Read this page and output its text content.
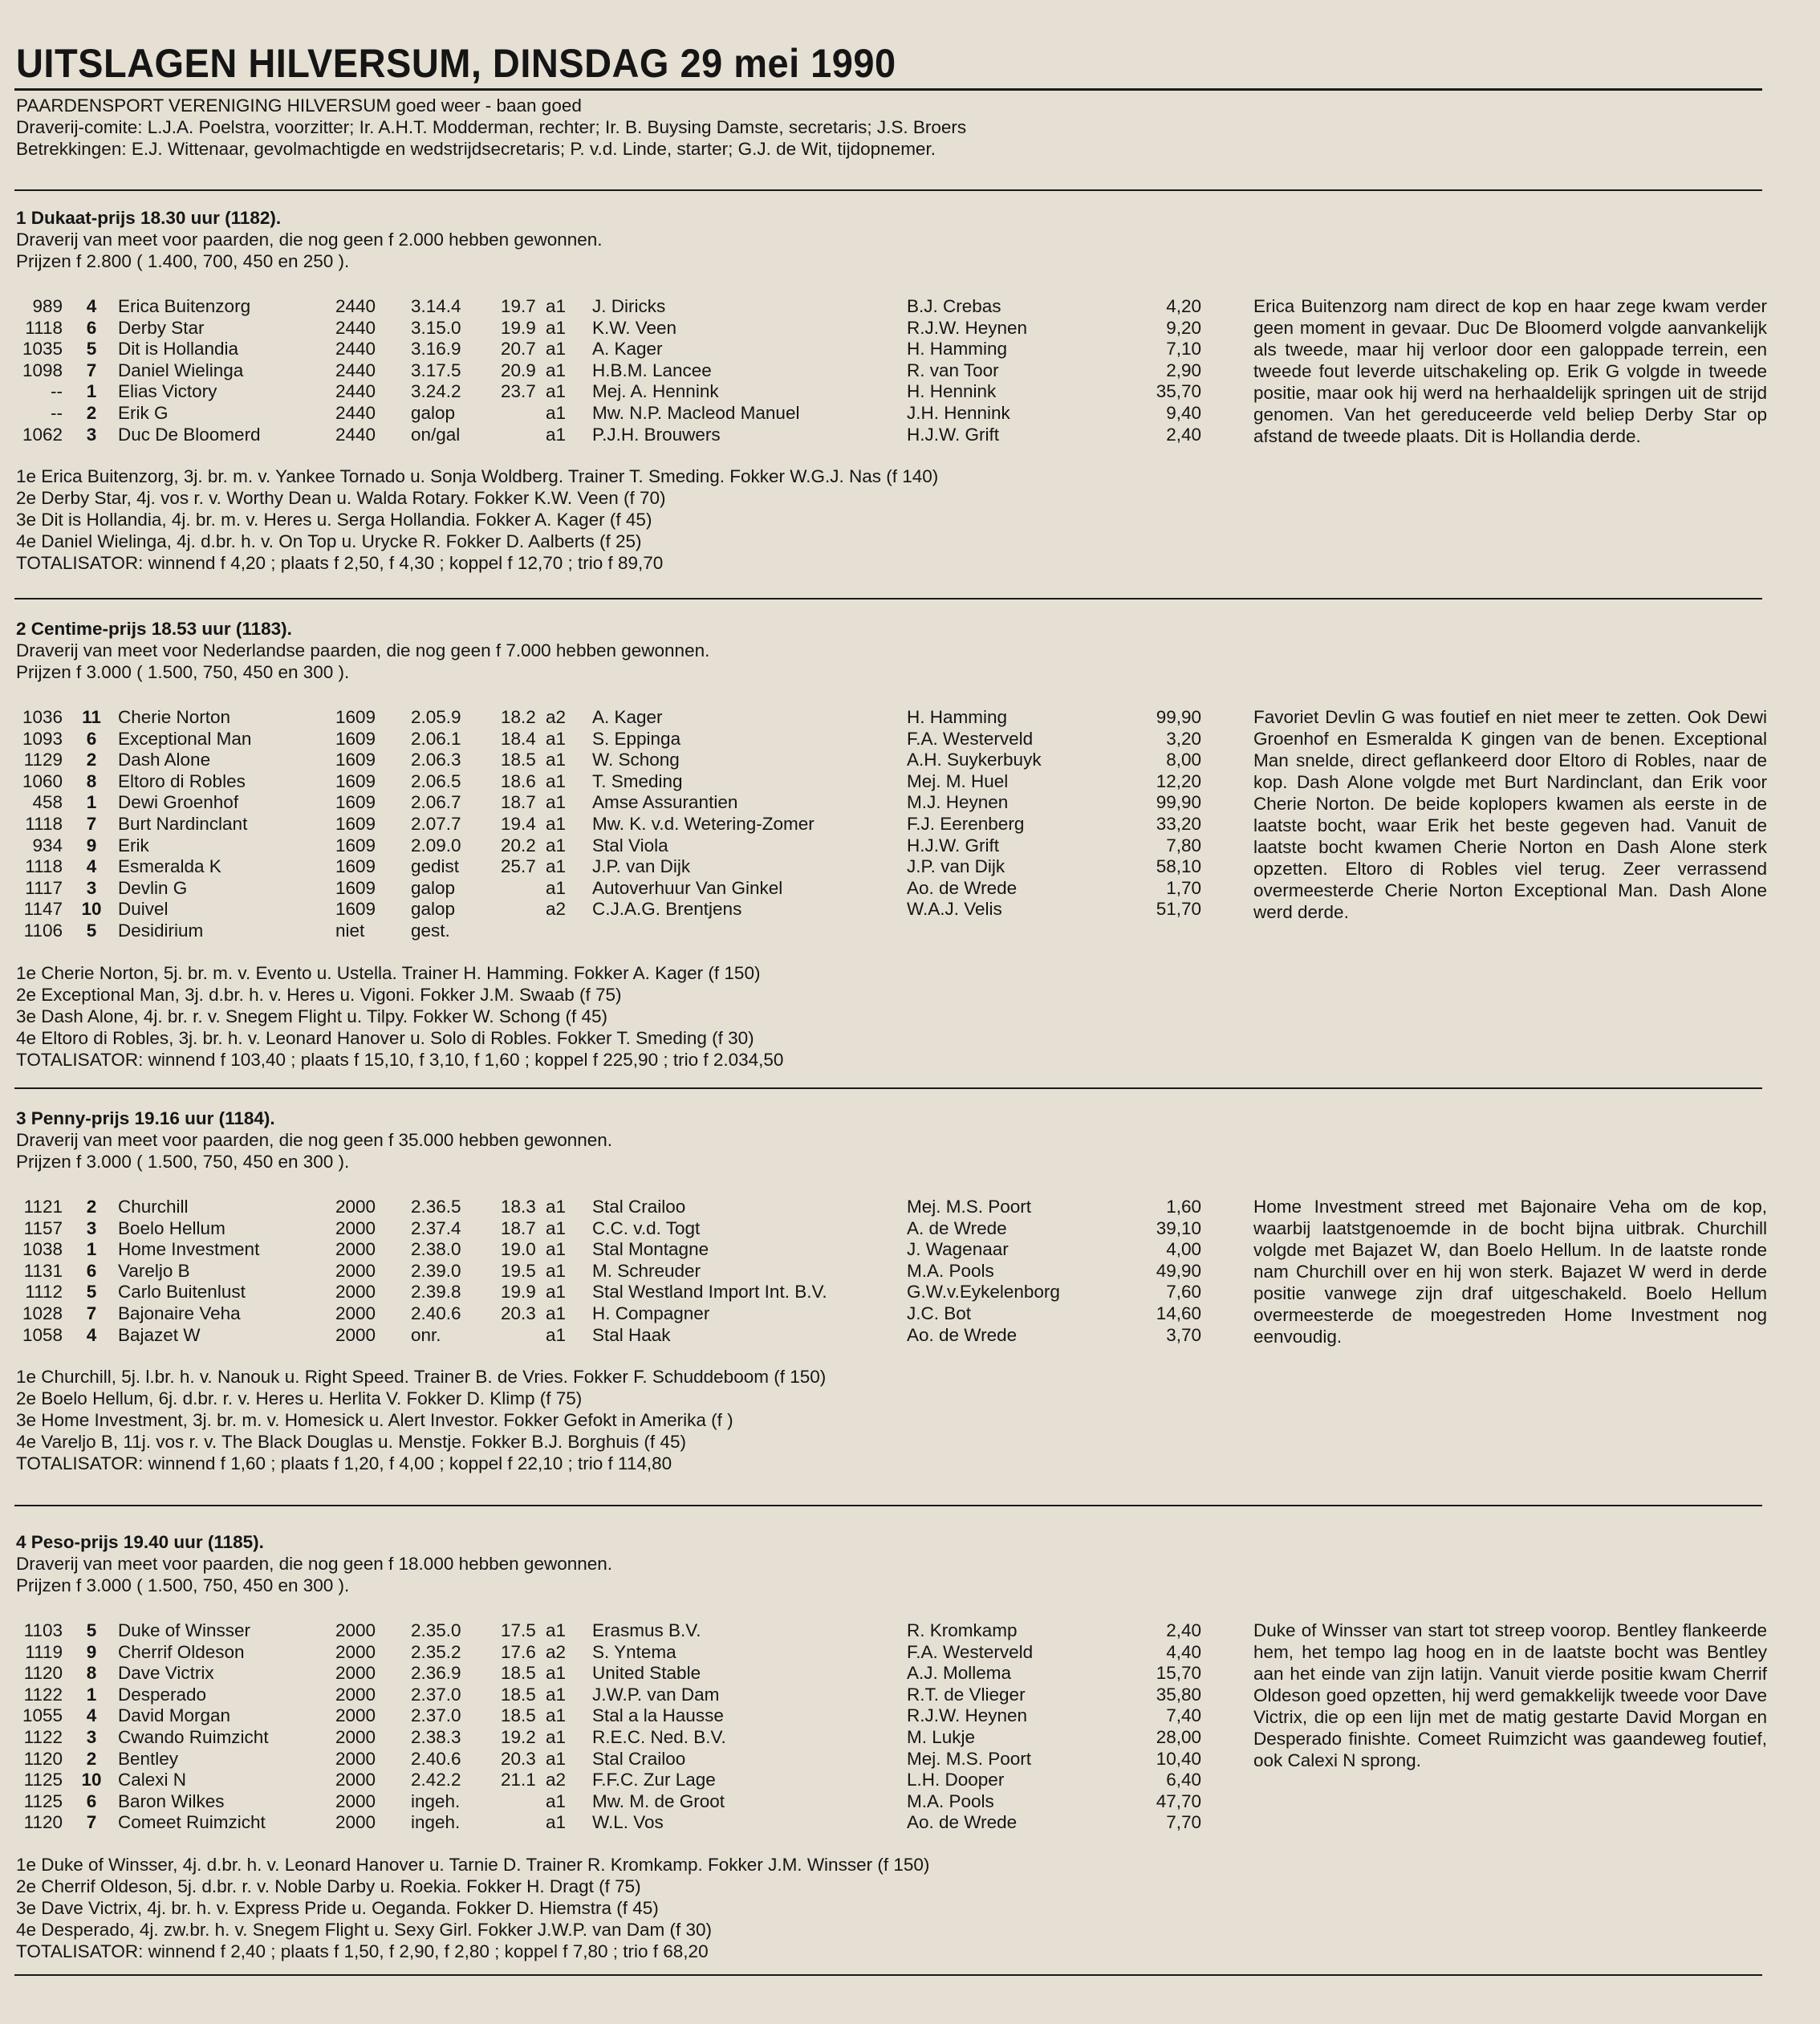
UITSLAGEN HILVERSUM, DINSDAG 29 mei 1990
PAARDENSPORT VERENIGING HILVERSUM goed weer - baan goed
Draverij-comite: L.J.A. Poelstra, voorzitter; Ir. A.H.T. Modderman, rechter; Ir. B. Buysing Damste, secretaris; J.S. Broers
Betrekkingen: E.J. Wittenaar, gevolmachtigde en wedstrijdsecretaris; P. v.d. Linde, starter; G.J. de Wit, tijdopnemer.
1 Dukaat-prijs 18.30 uur (1182).
Draverij van meet voor paarden, die nog geen f 2.000 hebben gewonnen.
Prijzen f 2.800 ( 1.400, 700, 450 en 250 ).
989	4	Erica Buitenzorg	2440 3.14.4 19.7 a1 J. Diricks	B.J. Crebas	4,20
1118	6	Derby Star	2440 3.15.0 19.9 a1 K.W. Veen	R.J.W. Heynen	9,20
1035	5	Dit is Hollandia	2440 3.16.9 20.7 a1 A. Kager	H. Hamming	7,10
1098	7	Daniel Wielinga	2440 3.17.5 20.9 a1 H.B.M. Lancee	R. van Toor	2,90
--	1	Elias Victory	2440 3.24.2 23.7 a1 Mej. A. Hennink	H. Hennink	35,70
--	2	Erik G	2440 galop	a1 Mw. N.P. Macleod Manuel	J.H. Hennink	9,40
1062	3	Duc De Bloomerd	2440 on/gal	a1 P.J.H. Brouwers	H.J.W. Grift	2,40
Erica Buitenzorg nam direct de kop en haar zege kwam verder geen moment in gevaar. Duc De Bloomerd volgde aanvankelijk als tweede, maar hij verloor door een galoppade terrein, een tweede fout leverde uitschakeling op. Erik G volgde in tweede positie, maar ook hij werd na herhaaldelijk springen uit de strijd genomen. Van het gereduceerde veld beliep Derby Star op afstand de tweede plaats. Dit is Hollandia derde.
1e Erica Buitenzorg, 3j. br. m. v. Yankee Tornado u. Sonja Woldberg. Trainer T. Smeding. Fokker W.G.J. Nas (f 140)
2e Derby Star, 4j. vos r. v. Worthy Dean u. Walda Rotary. Fokker K.W. Veen (f 70)
3e Dit is Hollandia, 4j. br. m. v. Heres u. Serga Hollandia. Fokker A. Kager (f 45)
4e Daniel Wielinga, 4j. d.br. h. v. On Top u. Urycke R. Fokker D. Aalberts (f 25)
TOTALISATOR: winnend f 4,20 ; plaats f 2,50, f 4,30 ; koppel f 12,70 ; trio f 89,70
2 Centime-prijs 18.53 uur (1183).
Draverij van meet voor Nederlandse paarden, die nog geen f 7.000 hebben gewonnen.
Prijzen f 3.000 ( 1.500, 750, 450 en 300 ).
1036 11 Cherie Norton	1609 2.05.9 18.2 a2 A. Kager	H. Hamming	99,90
1093	6	Exceptional Man	1609 2.06.1 18.4 a1 S. Eppinga	F.A. Westerveld	3,20
1129	2	Dash Alone	1609 2.06.3 18.5 a1 W. Schong	A.H. Suykerbuyk	8,00
1060	8	Eltoro di Robles	1609 2.06.5 18.6 a1 T. Smeding	Mej. M. Huel	12,20
458	1	Dewi Groenhof	1609 2.06.7 18.7 a1 Amse Assurantien	M.J. Heynen	99,90
1118	7	Burt Nardinclant	1609 2.07.7 19.4 a1 Mw. K. v.d. Wetering-Zomer	F.J. Eerenberg	33,20
934	9	Erik	1609 2.09.0 20.2 a1 Stal Viola	H.J.W. Grift	7,80
1118	4	Esmeralda K	1609 gedist 25.7 a1 J.P. van Dijk	J.P. van Dijk	58,10
1117	3	Devlin G	1609 galop	a1 Autoverhuur Van Ginkel	Ao. de Wrede	1,70
1147 10 Duivel	1609 galop	a2 C.J.A.G. Brentjens	W.A.J. Velis	51,70
1106	5	Desidirium	niet	gest.
Favoriet Devlin G was foutief en niet meer te zetten. Ook Dewi Groenhof en Esmeralda K gingen van de benen. Exceptional Man snelde, direct geflankeerd door Eltoro di Robles, naar de kop. Dash Alone volgde met Burt Nardinclant, dan Erik voor Cherie Norton. De beide koplopers kwamen als eerste in de laatste bocht, waar Erik het beste gegeven had. Vanuit de laatste bocht kwamen Cherie Norton en Dash Alone sterk opzetten. Eltoro di Robles viel terug. Zeer verrassend overmeesterde Cherie Norton Exceptional Man. Dash Alone werd derde.
1e Cherie Norton, 5j. br. m. v. Evento u. Ustella. Trainer H. Hamming. Fokker A. Kager (f 150)
2e Exceptional Man, 3j. d.br. h. v. Heres u. Vigoni. Fokker J.M. Swaab (f 75)
3e Dash Alone, 4j. br. r. v. Snegem Flight u. Tilpy. Fokker W. Schong (f 45)
4e Eltoro di Robles, 3j. br. h. v. Leonard Hanover u. Solo di Robles. Fokker T. Smeding (f 30)
TOTALISATOR: winnend f 103,40 ; plaats f 15,10, f 3,10, f 1,60 ; koppel f 225,90 ; trio f 2.034,50
3 Penny-prijs 19.16 uur (1184).
Draverij van meet voor paarden, die nog geen f 35.000 hebben gewonnen.
Prijzen f 3.000 ( 1.500, 750, 450 en 300 ).
1121	2	Churchill	2000 2.36.5 18.3 a1 Stal Crailoo	Mej. M.S. Poort	1,60
1157	3	Boelo Hellum	2000 2.37.4 18.7 a1 C.C. v.d. Togt	A. de Wrede	39,10
1038	1	Home Investment	2000 2.38.0 19.0 a1 Stal Montagne	J. Wagenaar	4,00
1131	6	Vareljo B	2000 2.39.0 19.5 a1 M. Schreuder	M.A. Pools	49,90
1112	5	Carlo Buitenlust	2000 2.39.8 19.9 a1 Stal Westland Import Int. B.V.	G.W.v.Eykelenborg	7,60
1028	7	Bajonaire Veha	2000 2.40.6 20.3 a1 H. Compagner	J.C. Bot	14,60
1058	4	Bajazet W	2000 onr.	a1 Stal Haak	Ao. de Wrede	3,70
Home Investment streed met Bajonaire Veha om de kop, waarbij laatstgenoemde in de bocht bijna uitbrak. Churchill volgde met Bajazet W, dan Boelo Hellum. In de laatste ronde nam Churchill over en hij won sterk. Bajazet W werd in derde positie vanwege zijn draf uitgeschakeld. Boelo Hellum overmeesterde de moegestreden Home Investment nog eenvoudig.
1e Churchill, 5j. l.br. h. v. Nanouk u. Right Speed. Trainer B. de Vries. Fokker F. Schuddeboom (f 150)
2e Boelo Hellum, 6j. d.br. r. v. Heres u. Herlita V. Fokker D. Klimp (f 75)
3e Home Investment, 3j. br. m. v. Homesick u. Alert Investor. Fokker Gefokt in Amerika (f )
4e Vareljo B, 11j. vos r. v. The Black Douglas u. Menstje. Fokker B.J. Borghuis (f 45)
TOTALISATOR: winnend f 1,60 ; plaats f 1,20, f 4,00 ; koppel f 22,10 ; trio f 114,80
4 Peso-prijs 19.40 uur (1185).
Draverij van meet voor paarden, die nog geen f 18.000 hebben gewonnen.
Prijzen f 3.000 ( 1.500, 750, 450 en 300 ).
1103	5	Duke of Winsser	2000 2.35.0 17.5 a1 Erasmus B.V.	R. Kromkamp	2,40
1119	9	Cherrif Oldeson	2000 2.35.2 17.6 a2 S. Yntema	F.A. Westerveld	4,40
1120	8	Dave Victrix	2000 2.36.9 18.5 a1 United Stable	A.J. Mollema	15,70
1122	1	Desperado	2000 2.37.0 18.5 a1 J.W.P. van Dam	R.T. de Vlieger	35,80
1055	4	David Morgan	2000 2.37.0 18.5 a1 Stal a la Hausse	R.J.W. Heynen	7,40
1122	3	Cwando Ruimzicht	2000 2.38.3 19.2 a1 R.E.C. Ned. B.V.	M. Lukje	28,00
1120	2	Bentley	2000 2.40.6 20.3 a1 Stal Crailoo	Mej. M.S. Poort	10,40
1125 10 Calexi N	2000 2.42.2 21.1 a2 F.F.C. Zur Lage	L.H. Dooper	6,40
1125	6	Baron Wilkes	2000 ingeh.	a1 Mw. M. de Groot	M.A. Pools	47,70
1120	7	Comeet Ruimzicht	2000 ingeh.	a1 W.L. Vos	Ao. de Wrede	7,70
Duke of Winsser van start tot streep voorop. Bentley flankeerde hem, het tempo lag hoog en in de laatste bocht was Bentley aan het einde van zijn latijn. Vanuit vierde positie kwam Cherrif Oldeson goed opzetten, hij werd gemakkelijk tweede voor Dave Victrix, die op een lijn met de matig gestarte David Morgan en Desperado finishte. Comeet Ruimzicht was gaandeweg foutief, ook Calexi N sprong.
1e Duke of Winsser, 4j. d.br. h. v. Leonard Hanover u. Tarnie D. Trainer R. Kromkamp. Fokker J.M. Winsser (f 150)
2e Cherrif Oldeson, 5j. d.br. r. v. Noble Darby u. Roekia. Fokker H. Dragt (f 75)
3e Dave Victrix, 4j. br. h. v. Express Pride u. Oeganda. Fokker D. Hiemstra (f 45)
4e Desperado, 4j. zw.br. h. v. Snegem Flight u. Sexy Girl. Fokker J.W.P. van Dam (f 30)
TOTALISATOR: winnend f 2,40 ; plaats f 1,50, f 2,90, f 2,80 ; koppel f 7,80 ; trio f 68,20
